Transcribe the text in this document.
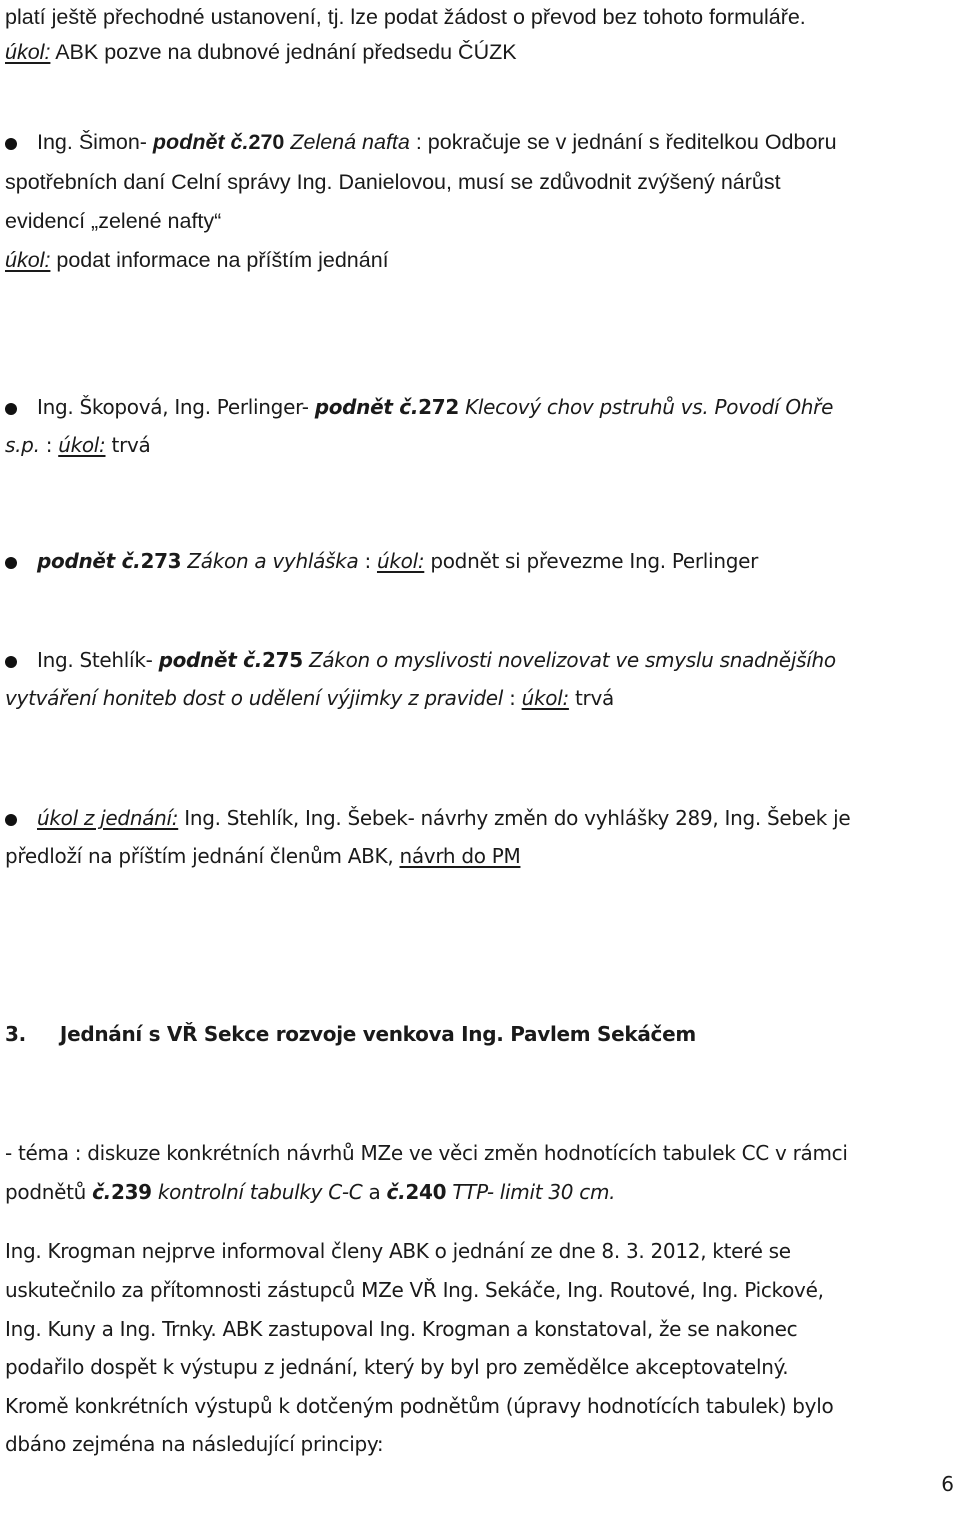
platí ještě přechodné ustanovení, tj. lze podat žádost o převod bez tohoto formuláře.

úkol: ABK pozve na dubnové jednání předsedu ČÚZK

Ing. Šimon- podnět č.270 Zelená nafta : pokračuje se v jednání s ředitelkou Odboru

spotřebních daní Celní správy Ing. Danielovou, musí se zdůvodnit zvýšený nárůst

evidencí „zelené nafty“

úkol: podat informace na příštím jednání

Ing. Škopová, Ing. Perlinger- podnět č.272 Klecový chov pstruhů vs. Povodí Ohře

s.p. : úkol: trvá

podnět č.273 Zákon a vyhláška : úkol: podnět si převezme Ing. Perlinger

Ing. Stehlík- podnět č.275 Zákon o myslivosti novelizovat ve smyslu snadnějšího

vytváření honiteb dost o udělení výjimky z pravidel : úkol: trvá

úkol z jednání: Ing. Stehlík, Ing. Šebek- návrhy změn do vyhlášky 289, Ing. Šebek je

předloží na příštím jednání členům ABK, návrh do PM

3. Jednání s VŘ Sekce rozvoje venkova Ing. Pavlem Sekáčem

- téma : diskuze konkrétních návrhů MZe ve věci změn hodnotících tabulek CC v rámci

podnětů č.239 kontrolní tabulky C-C a č.240 TTP- limit 30 cm.

Ing. Krogman nejprve informoval členy ABK o jednání ze dne 8. 3. 2012, které se

uskutečnilo za přítomnosti zástupců MZe VŘ Ing. Sekáče, Ing. Routové, Ing. Pickové,

Ing. Kuny a Ing. Trnky. ABK zastupoval Ing. Krogman a konstatoval, že se nakonec

podařilo dospět k výstupu z jednání, který by byl pro zemědělce akceptovatelný.

Kromě konkrétních výstupů k dotčeným podnětům (úpravy hodnotících tabulek) bylo

dbáno zejména na následující principy:

6
